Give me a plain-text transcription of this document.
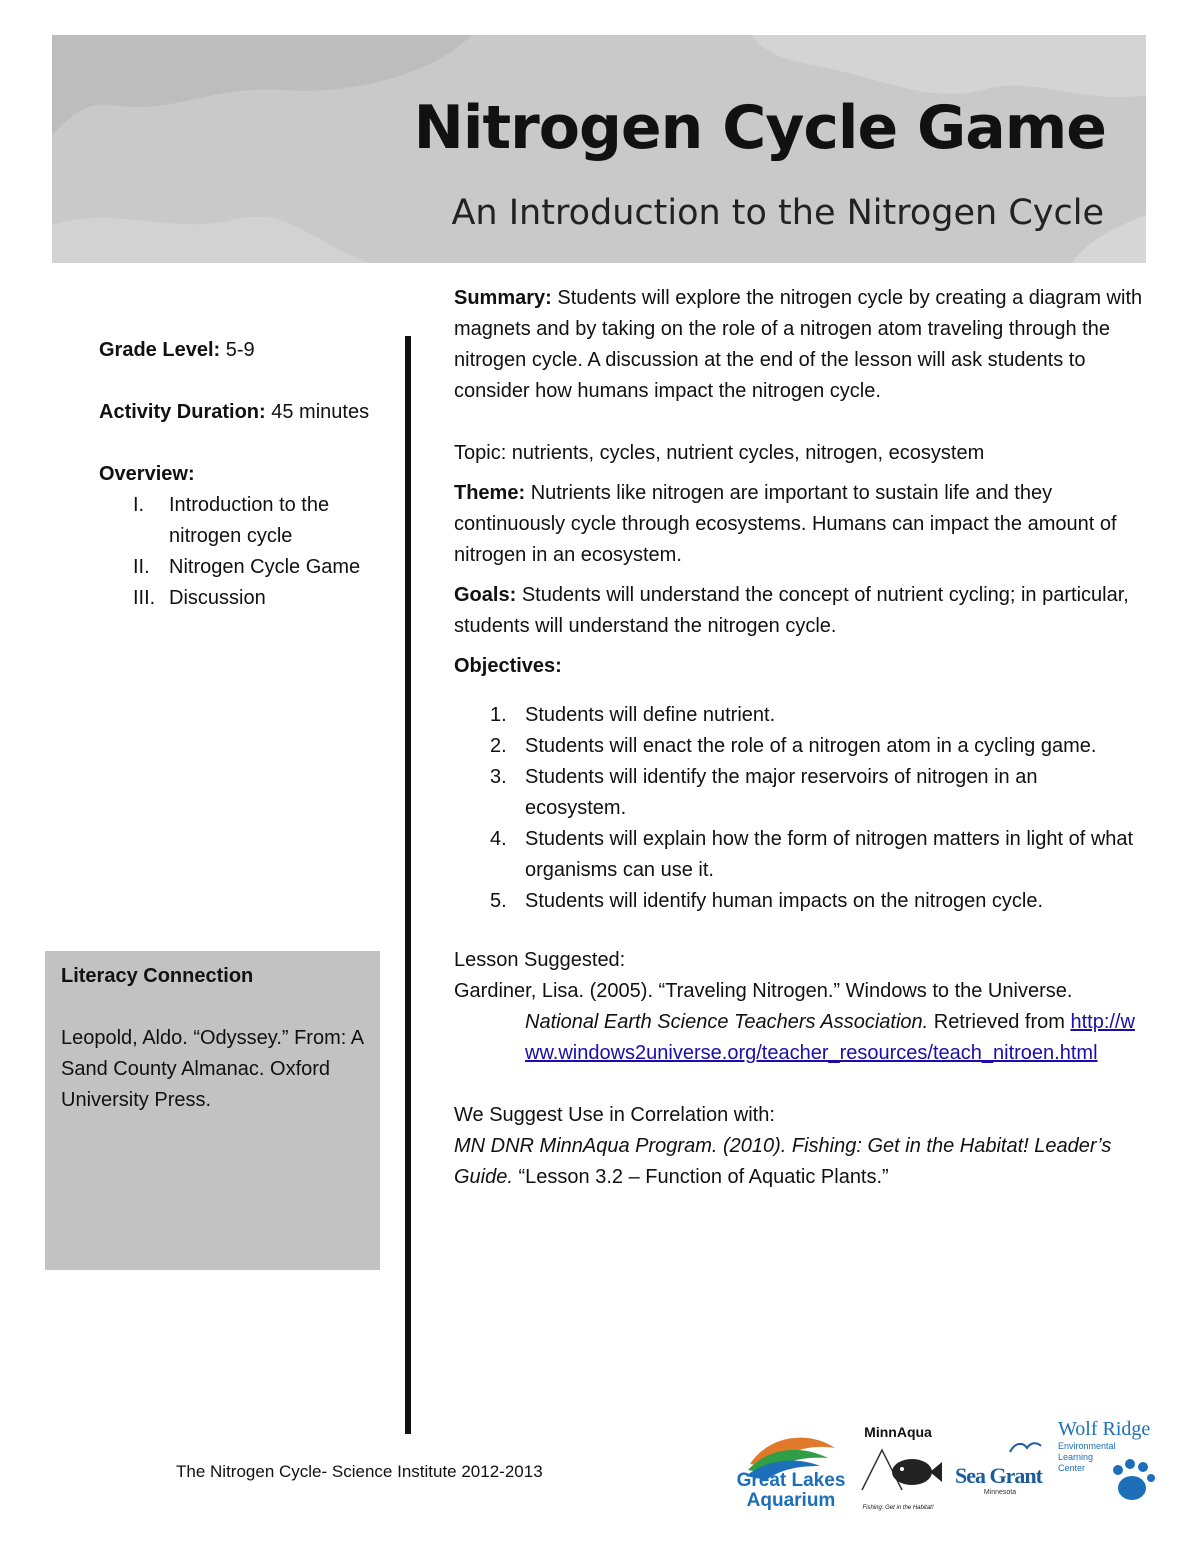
Nitrogen Cycle Game
An Introduction to the Nitrogen Cycle

Grade Level: 5-9

Activity Duration: 45 minutes

Overview:

I. Introduction to the nitrogen cycle
II. Nitrogen Cycle Game
III. Discussion

Literacy Connection

Leopold, Aldo. “Odyssey.” From: A Sand County Almanac. Oxford University Press.

Summary: Students will explore the nitrogen cycle by creating a diagram with magnets and by taking on the role of a nitrogen atom traveling through the nitrogen cycle. A discussion at the end of the lesson will ask students to consider how humans impact the nitrogen cycle.

Topic: nutrients, cycles, nutrient cycles, nitrogen, ecosystem

Theme: Nutrients like nitrogen are important to sustain life and they continuously cycle through ecosystems. Humans can impact the amount of nitrogen in an ecosystem.

Goals: Students will understand the concept of nutrient cycling; in particular, students will understand the nitrogen cycle.

Objectives:

1. Students will define nutrient.
2. Students will enact the role of a nitrogen atom in a cycling game.
3. Students will identify the major reservoirs of nitrogen in an ecosystem.
4. Students will explain how the form of nitrogen matters in light of what organisms can use it.
5. Students will identify human impacts on the nitrogen cycle.

Lesson Suggested:

Gardiner, Lisa. (2005). “Traveling Nitrogen.” Windows to the Universe. National Earth Science Teachers Association. Retrieved from http://www.windows2universe.org/teacher_resources/teach_nitroen.html

We Suggest Use in Correlation with:

MN DNR MinnAqua Program. (2010). Fishing: Get in the Habitat! Leader’s Guide. “Lesson 3.2 – Function of Aquatic Plants.”

The Nitrogen Cycle- Science Institute 2012-2013	Great Lakes
Aquarium
MinnAqua
Fishing: Get in the Habitat!
Sea Grant
Minnesota
Wolf Ridge
Environmental Learning Center
